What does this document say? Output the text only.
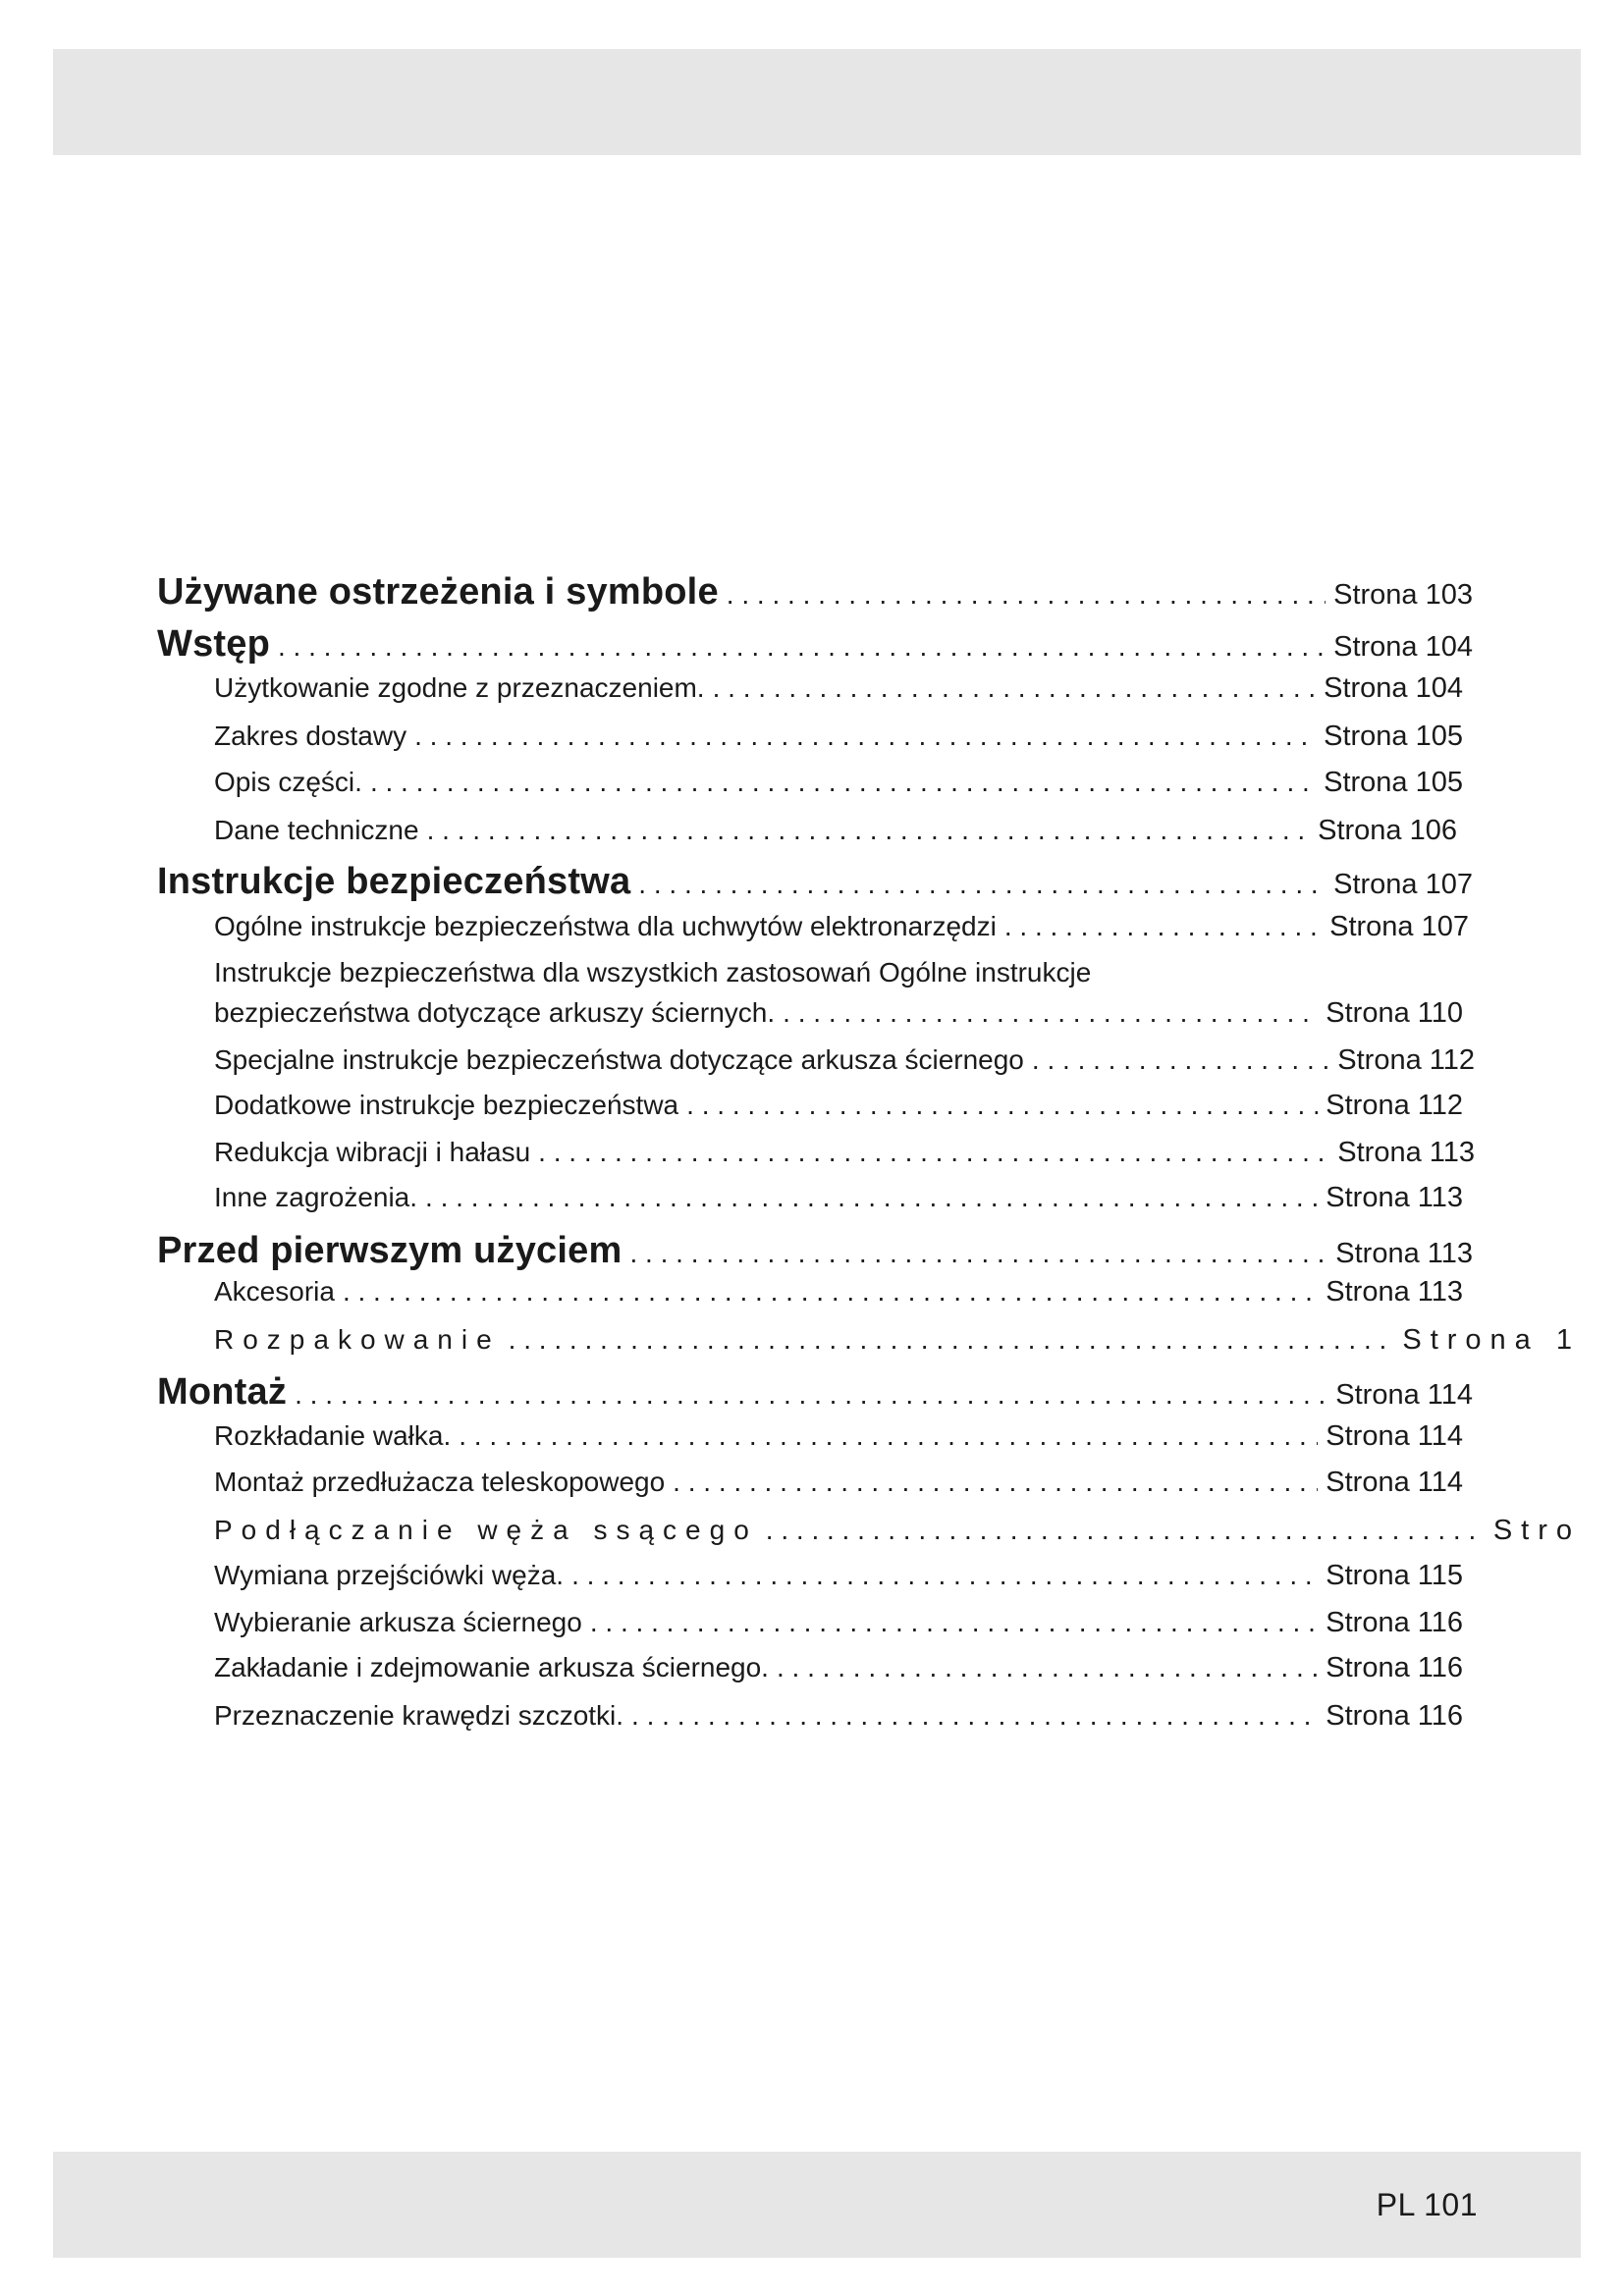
Używane ostrzeżenia i symbole . . .	Strona 103
Wstęp . . .	Strona 104
Użytkowanie zgodne z przeznaczeniem. . . .	Strona 104
Zakres dostawy . . .	Strona 105
Opis części. . . .	Strona 105
Dane techniczne . . .	Strona 106
Instrukcje bezpieczeństwa . . .	Strona 107
Ogólne instrukcje bezpieczeństwa dla uchwytów elektronarzędzi . . .	Strona 107
Instrukcje bezpieczeństwa dla wszystkich zastosowań Ogólne instrukcje
bezpieczeństwa dotyczące arkuszy ściernych. . . .	Strona 110
Specjalne instrukcje bezpieczeństwa dotyczące arkusza ściernego . . .	Strona 112
Dodatkowe instrukcje bezpieczeństwa . . .	Strona 112
Redukcja wibracji i hałasu . . .	Strona 113
Inne zagrożenia. . . .	Strona 113
Przed pierwszym użyciem . . .	Strona 113
Akcesoria . . .	Strona 113
Rozpakowanie . . .	Strona 1
Montaż . . .	Strona 114
Rozkładanie wałka. . . .	Strona 114
Montaż przedłużacza teleskopowego . . .	Strona 114
Podłączanie węża ssącego . . .	Stro
Wymiana przejściówki węża. . . .	Strona 115
Wybieranie arkusza ściernego . . .	Strona 116
Zakładanie i zdejmowanie arkusza ściernego. . . .	Strona 116
Przeznaczenie krawędzi szczotki. . . .	Strona 116
PL 101
